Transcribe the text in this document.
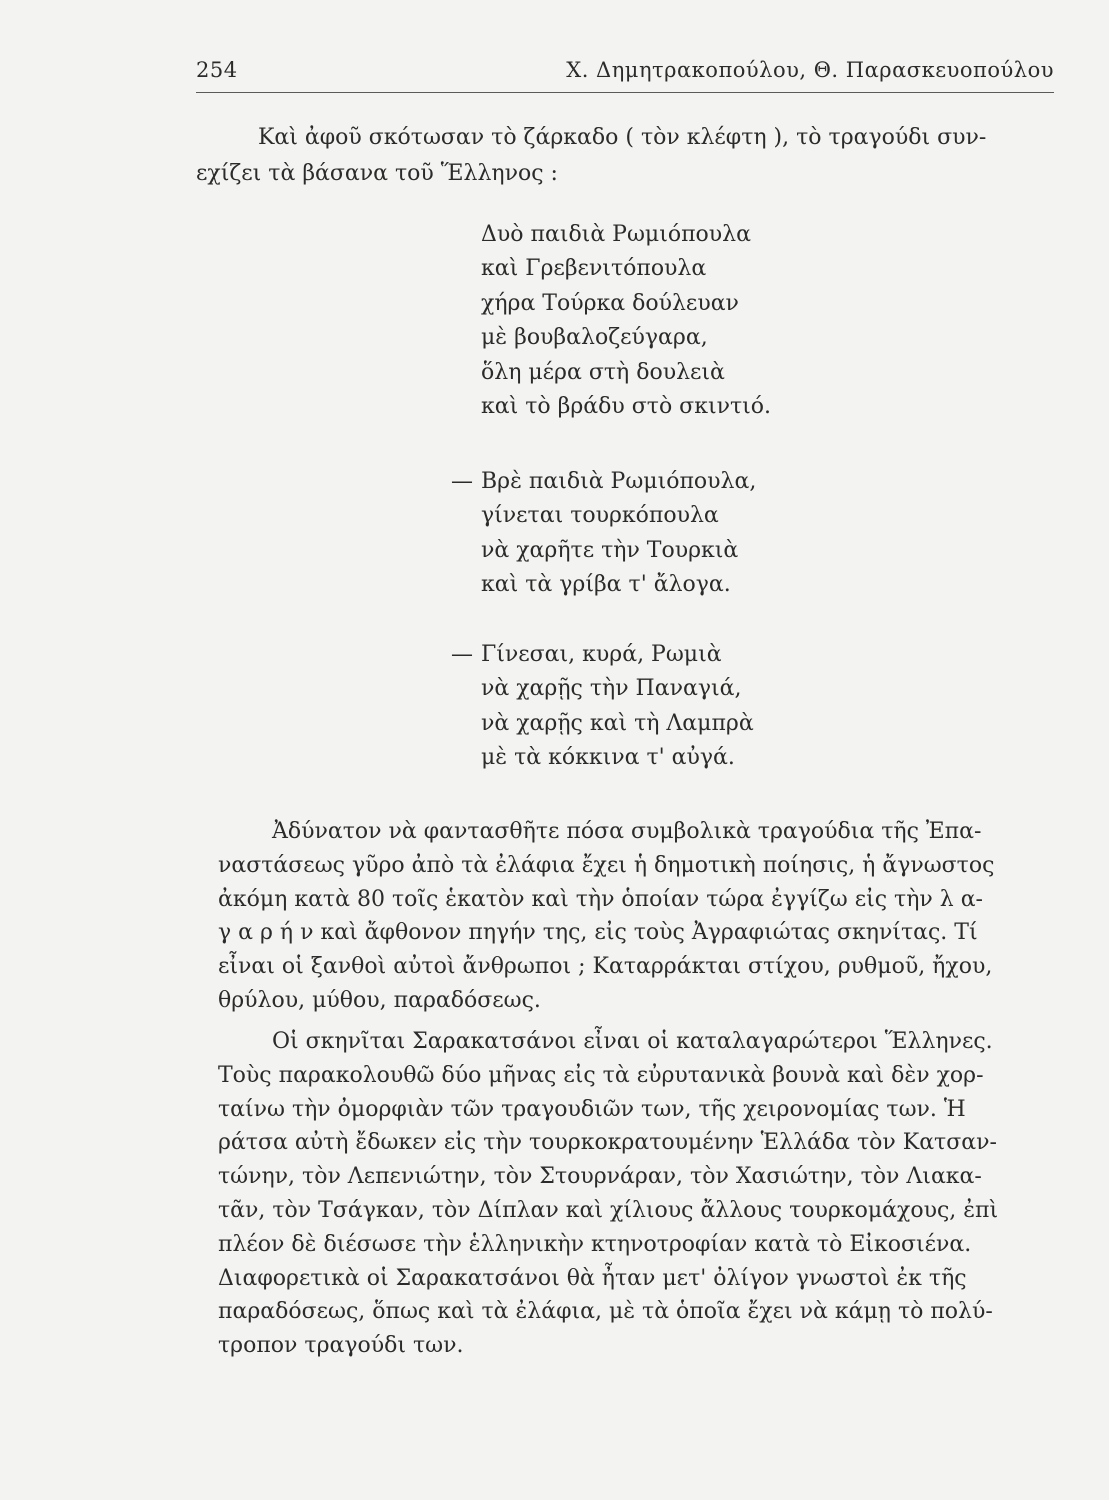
254	Χ. Δημητρακοπούλου, Θ. Παρασκευοπούλου
Καὶ ἀφοῦ σκότωσαν τὸ ζάρκαδο ( τὸν κλέφτη ), τὸ τραγούδι συν-
εχίζει τὰ βάσανα τοῦ Ἕλληνος :
Δυὸ παιδιὰ Ρωμιόπουλα
καὶ Γρεβενιτόπουλα
χήρα Τούρκα δούλευαν
μὲ βουβαλοζεύγαρα,
ὅλη μέρα στὴ δουλειὰ
καὶ τὸ βράδυ στὸ σκιντιό.
— Βρὲ παιδιὰ Ρωμιόπουλα,
γίνεται τουρκόπουλα
νὰ χαρῆτε τὴν Τουρκιὰ
καὶ τὰ γρίβα τ' ἄλογα.
— Γίνεσαι, κυρά, Ρωμιὰ
νὰ χαρῇς τὴν Παναγιά,
νὰ χαρῇς καὶ τὴ Λαμπρὰ
μὲ τὰ κόκκινα τ' αὐγά.
Ἀδύνατον νὰ φαντασθῆτε πόσα συμβολικὰ τραγούδια τῆς Ἐπα-
ναστάσεως γῦρο ἀπὸ τὰ ἐλάφια ἔχει ἡ δημοτικὴ ποίησις, ἡ ἄγνωστος
ἀκόμη κατὰ 80 τοῖς ἑκατὸν καὶ τὴν ὁποίαν τώρα ἐγγίζω εἰς τὴν λ α-
γ α ρ ή ν καὶ ἄφθονον πηγήν της, εἰς τοὺς Ἀγραφιώτας σκηνίτας. Τί
εἶναι οἱ ξανθοὶ αὐτοὶ ἄνθρωποι ; Καταρράκται στίχου, ρυθμοῦ, ἤχου,
θρύλου, μύθου, παραδόσεως.
Οἱ σκηνῖται Σαρακατσάνοι εἶναι οἱ καταλαγαρώτεροι Ἕλληνες.
Τοὺς παρακολουθῶ δύο μῆνας εἰς τὰ εὐρυτανικὰ βουνὰ καὶ δὲν χορ-
ταίνω τὴν ὀμορφιὰν τῶν τραγουδιῶν των, τῆς χειρονομίας των. Ἡ
ράτσα αὐτὴ ἔδωκεν εἰς τὴν τουρκοκρατουμένην Ἑλλάδα τὸν Κατσαν-
τώνην, τὸν Λεπενιώτην, τὸν Στουρνάραν, τὸν Χασιώτην, τὸν Λιακα-
τᾶν, τὸν Τσάγκαν, τὸν Δίπλαν καὶ χίλιους ἄλλους τουρκομάχους, ἐπὶ
πλέον δὲ διέσωσε τὴν ἑλληνικὴν κτηνοτροφίαν κατὰ τὸ Εἰκοσιένα.
Διαφορετικὰ οἱ Σαρακατσάνοι θὰ ἦταν μετ' ὀλίγον γνωστοὶ ἐκ τῆς
παραδόσεως, ὅπως καὶ τὰ ἐλάφια, μὲ τὰ ὁποῖα ἔχει νὰ κάμῃ τὸ πολύ-
τροπον τραγούδι των.
